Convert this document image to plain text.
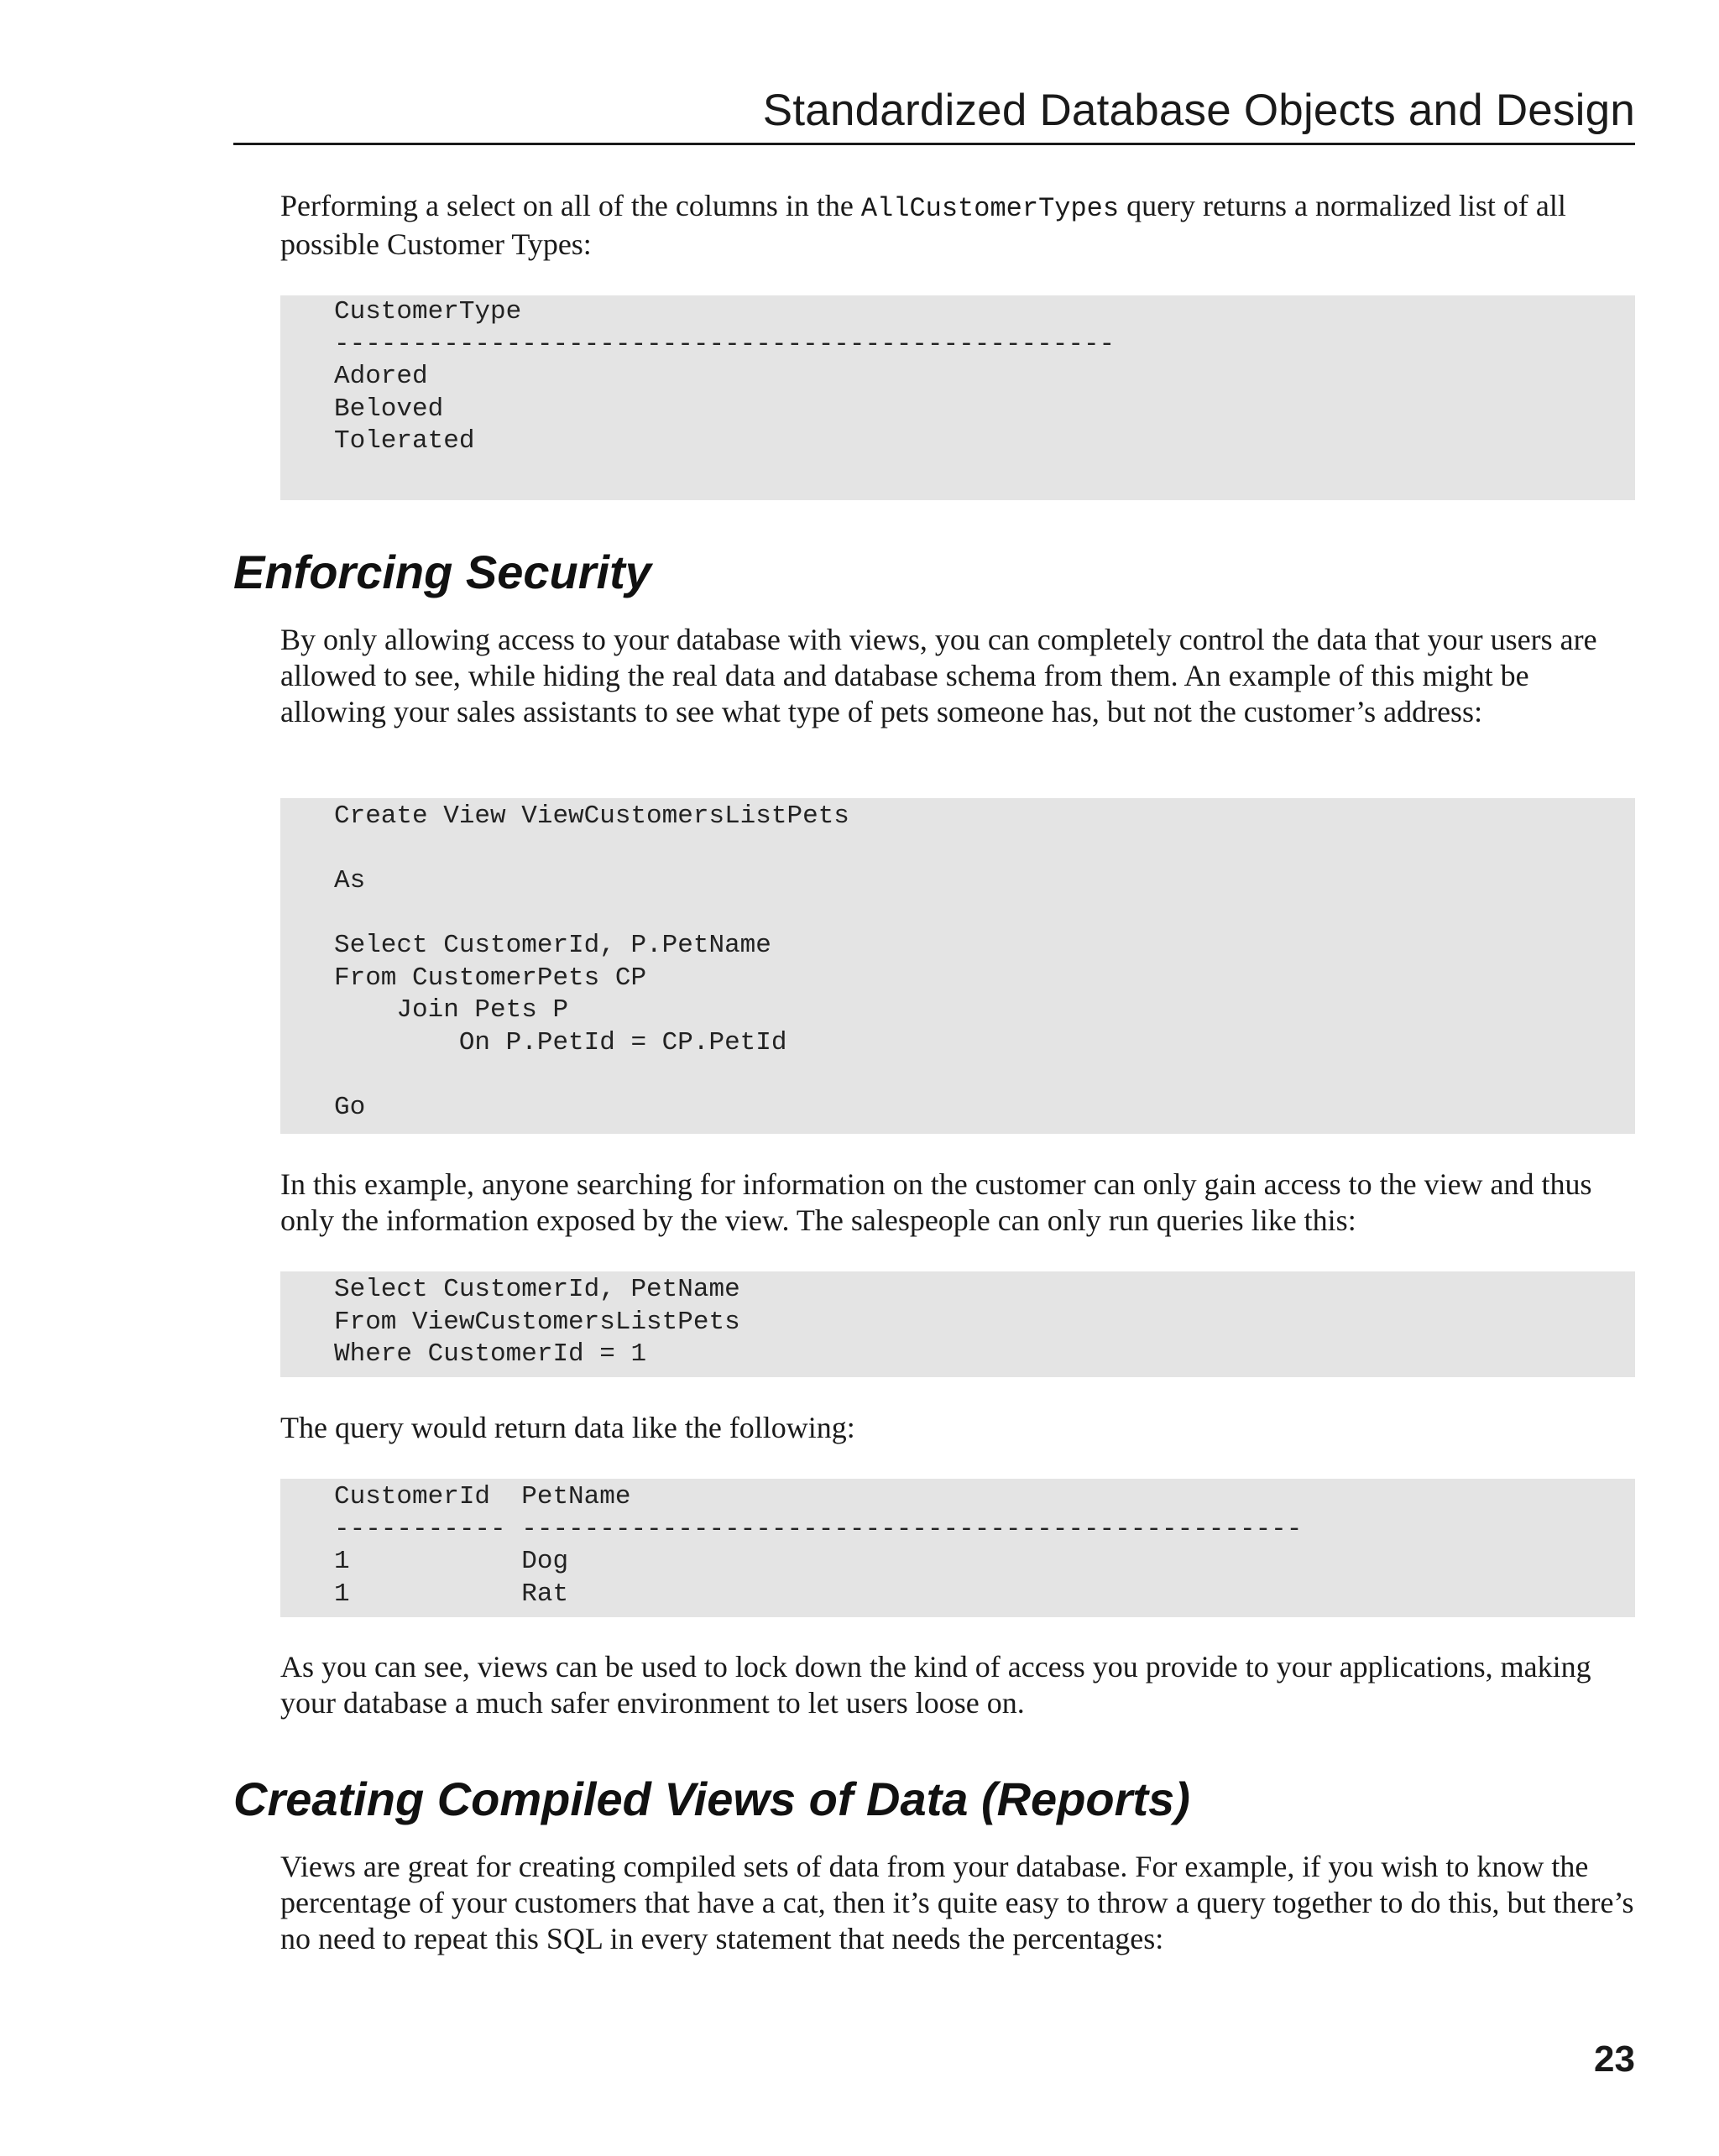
Standardized Database Objects and Design

Performing a select on all of the columns in the AllCustomerTypes query returns a normalized list of all possible Customer Types:

CustomerType
--------------------------------------------------
Adored
Beloved
Tolerated
Enforcing Security

By only allowing access to your database with views, you can completely control the data that your users are allowed to see, while hiding the real data and database schema from them. An example of this might be allowing your sales assistants to see what type of pets someone has, but not the customer’s address:

Create View ViewCustomersListPets

As

Select CustomerId, P.PetName
From CustomerPets CP
Join Pets P
On P.PetId = CP.PetId

Go

In this example, anyone searching for information on the customer can only gain access to the view and thus only the information exposed by the view. The salespeople can only run queries like this:

Select CustomerId, PetName
From ViewCustomersListPets
Where CustomerId = 1

The query would return data like the following:

CustomerId  PetName
----------- --------------------------------------------------
1           Dog
1           Rat

As you can see, views can be used to lock down the kind of access you provide to your applications, making your database a much safer environment to let users loose on.

Creating Compiled Views of Data (Reports)

Views are great for creating compiled sets of data from your database. For example, if you wish to know the percentage of your customers that have a cat, then it’s quite easy to throw a query together to do this, but there’s no need to repeat this SQL in every statement that needs the percentages:

23
